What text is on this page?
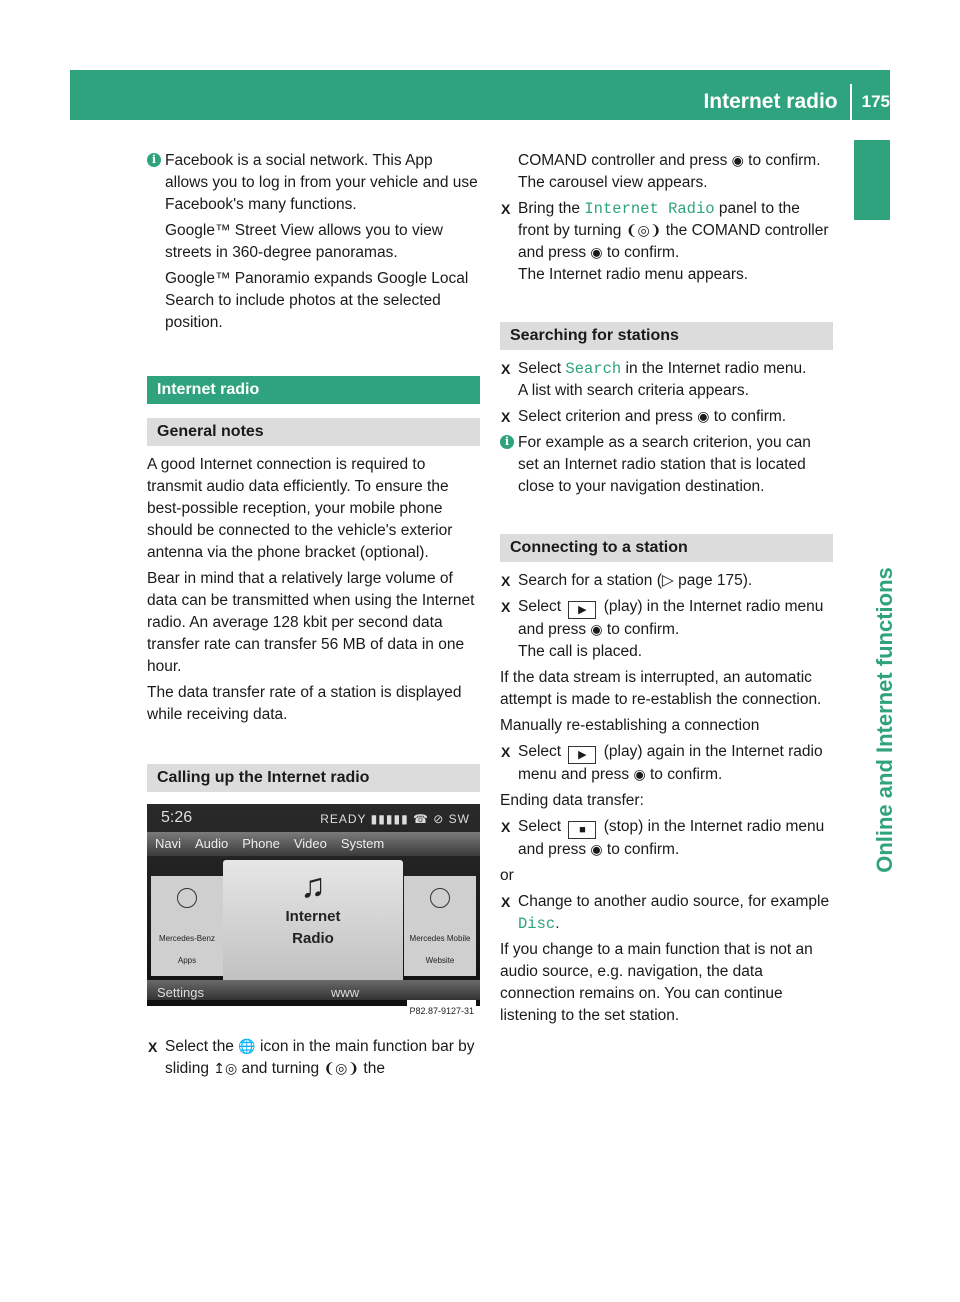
Internet radio 175
Online and Internet functions
i Facebook is a social network. This App allows you to log in from your vehicle and use Facebook's many functions.

Google™ Street View allows you to view streets in 360-degree panoramas.

Google™ Panoramio expands Google Local Search to include photos at the selected position.

Internet radio
General notes

A good Internet connection is required to transmit audio data efficiently. To ensure the best-possible reception, your mobile phone should be connected to the vehicle's exterior antenna via the phone bracket (optional).

Bear in mind that a relatively large volume of data can be transmitted when using the Internet radio. An average 128 kbit per second data transfer rate can transfer 56 MB of data in one hour.

The data transfer rate of a station is displayed while receiving data.

Calling up the Internet radio
5:26	READY ▮▮▮▮▮ ☎ ⊘ SW
Navi Audio Phone Video System
Mercedes-Benz Apps
♫
Internet
Radio	Mercedes Mobile Website
Settings	www
P82.87-9127-31
X Select the 🌐 icon in the main function bar by sliding ↥◎ and turning ❨◎❩ the

COMAND controller and press ◉ to confirm.

The carousel view appears.

X Bring the Internet Radio panel to the front by turning ❨◎❩ the COMAND controller and press ◉ to confirm.

The Internet radio menu appears.

Searching for stations
X Select Search in the Internet radio menu.

A list with search criteria appears.

X Select criterion and press ◉ to confirm.

i For example as a search criterion, you can set an Internet radio station that is located close to your navigation destination.

Connecting to a station
X Search for a station (▷ page 175).

X Select ▶ (play) in the Internet radio menu and press ◉ to confirm.

The call is placed.

If the data stream is interrupted, an automatic attempt is made to re-establish the connection.

Manually re-establishing a connection

X Select ▶ (play) again in the Internet radio menu and press ◉ to confirm.

Ending data transfer:

X Select ■ (stop) in the Internet radio menu and press ◉ to confirm.

or

X Change to another audio source, for example Disc.

If you change to a main function that is not an audio source, e.g. navigation, the data connection remains on. You can continue listening to the set station.
